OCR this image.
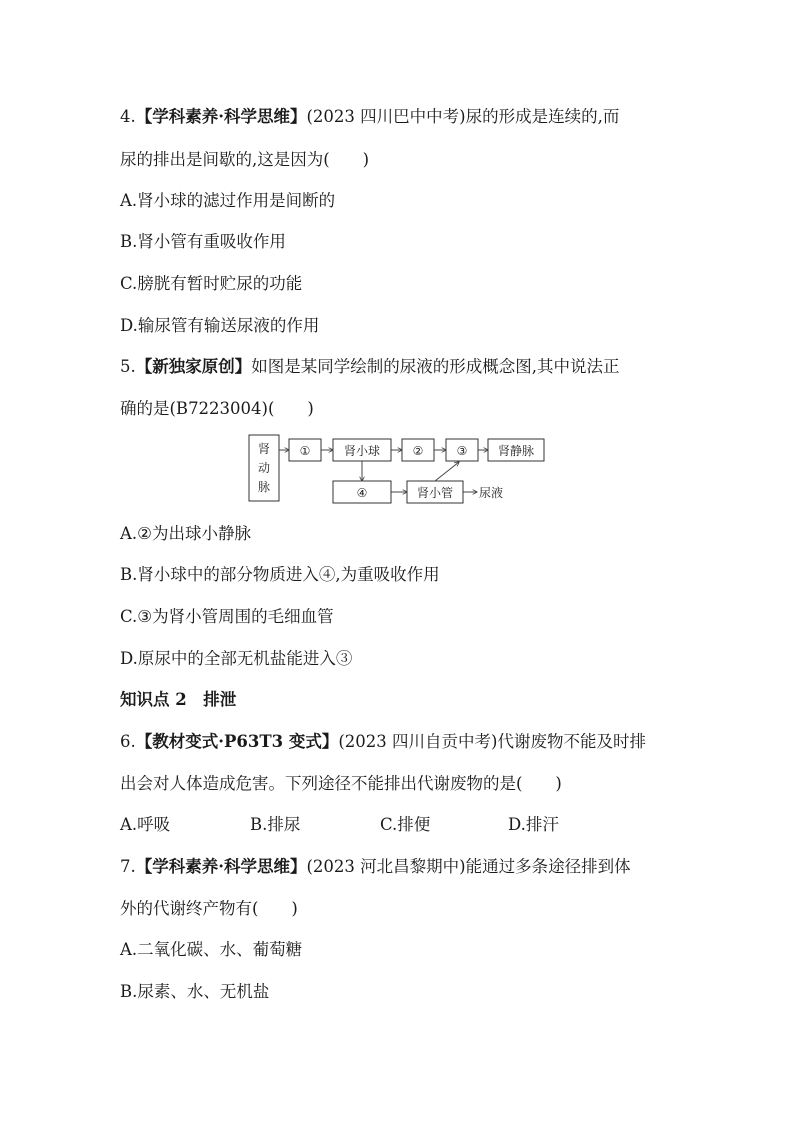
4.【学科素养·科学思维】(2023 四川巴中中考)尿的形成是连续的,而
尿的排出是间歇的,这是因为(　　)
A.肾小球的滤过作用是间断的
B.肾小管有重吸收作用
C.膀胱有暂时贮尿的功能
D.输尿管有输送尿液的作用
5.【新独家原创】如图是某同学绘制的尿液的形成概念图,其中说法正
确的是(B7223004)(　　)
肾
动
脉
①	肾小球	②	③	肾静脉
④	肾小管 尿液
A.②为出球小静脉
B.肾小球中的部分物质进入④,为重吸收作用
C.③为肾小管周围的毛细血管
D.原尿中的全部无机盐能进入③
知识点 2　排泄
6.【教材变式·P63T3 变式】(2023 四川自贡中考)代谢废物不能及时排
出会对人体造成危害。下列途径不能排出代谢废物的是(　　)
A.呼吸	B.排尿	C.排便	D.排汗
7.【学科素养·科学思维】(2023 河北昌黎期中)能通过多条途径排到体
外的代谢终产物有(　　)
A.二氧化碳、水、葡萄糖
B.尿素、水、无机盐
